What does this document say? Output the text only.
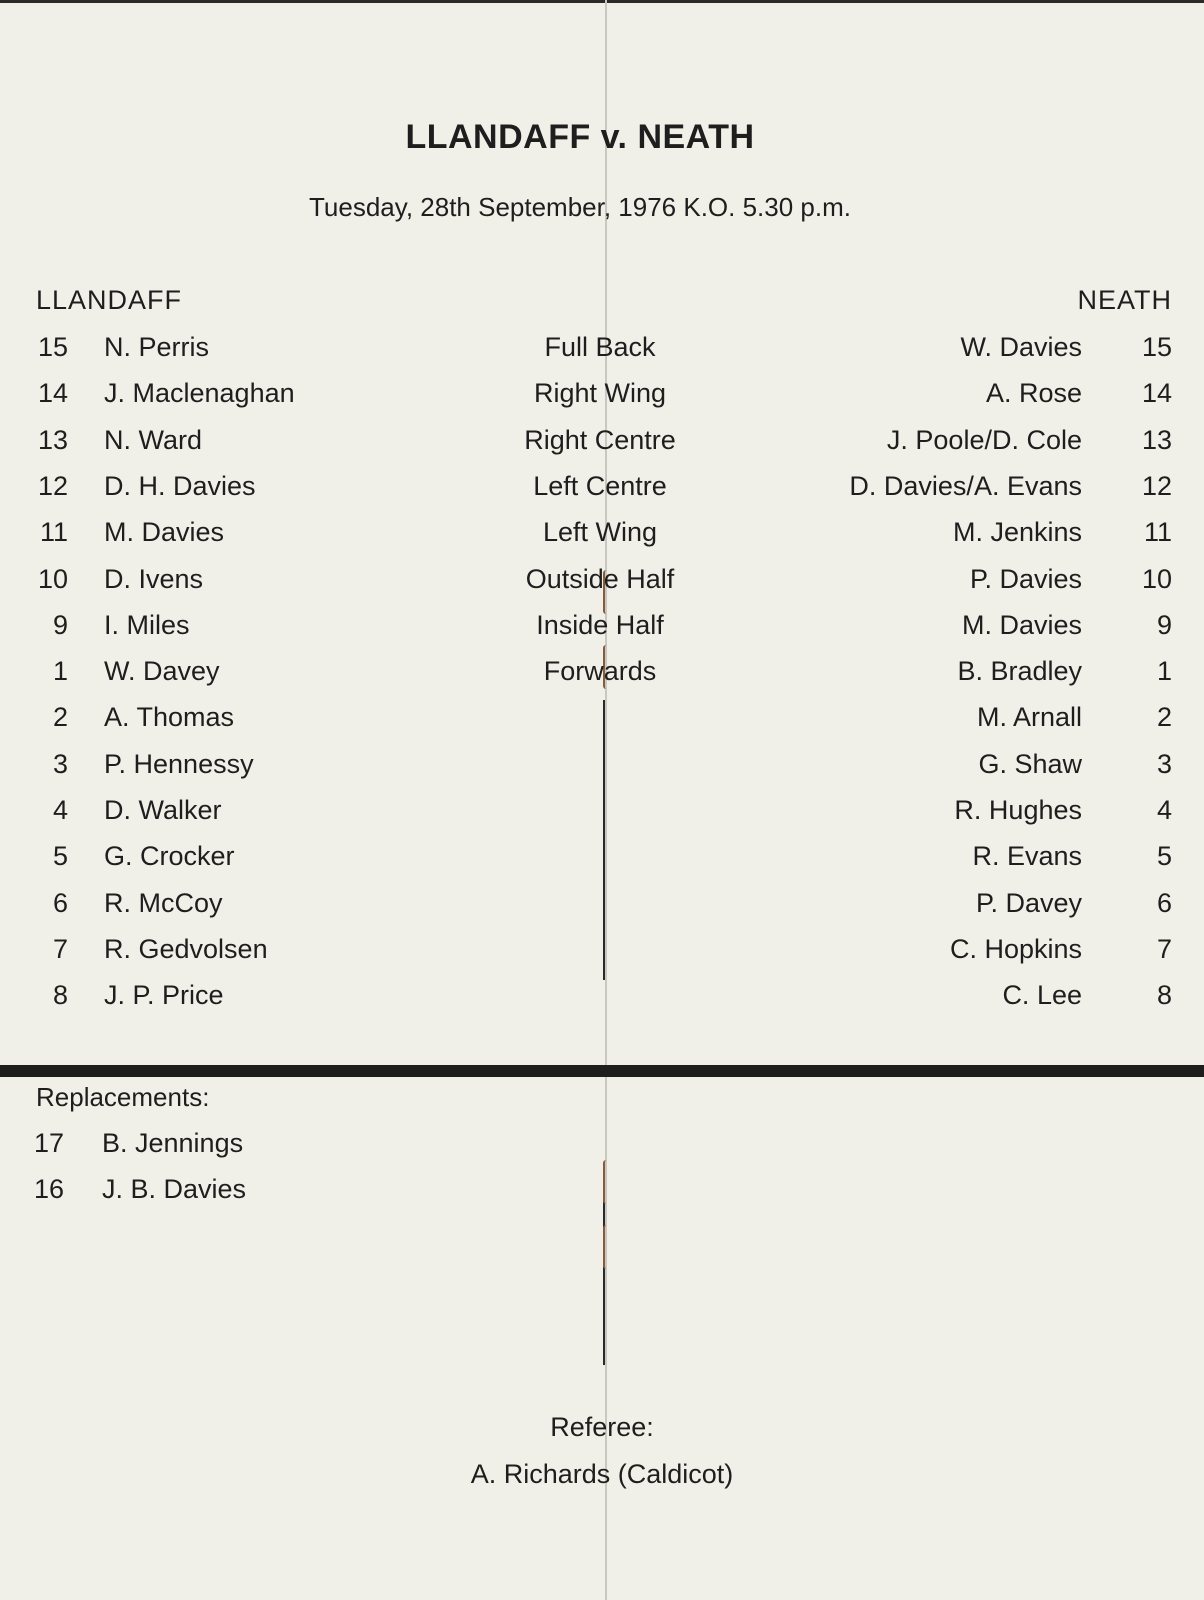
LLANDAFF v. NEATH
Tuesday, 28th September, 1976 K.O. 5.30 p.m.
LLANDAFF	NEATH
15 N. Perris	Full Back	W. Davies	15
14 J. Maclenaghan	Right Wing	A. Rose	14
13 N. Ward	Right Centre	J. Poole/D. Cole	13
12 D. H. Davies	Left Centre	D. Davies/A. Evans	12
11 M. Davies	Left Wing	M. Jenkins	11
10 D. Ivens	Outside Half	P. Davies	10
9 I. Miles	Inside Half	M. Davies	9
1 W. Davey	Forwards	B. Bradley	1
2 A. Thomas	M. Arnall	2
3 P. Hennessy	G. Shaw	3
4 D. Walker	R. Hughes	4
5 G. Crocker	R. Evans	5
6 R. McCoy	P. Davey	6
7 R. Gedvolsen	C. Hopkins	7
8 J. P. Price	C. Lee	8
Replacements:
17 B. Jennings
16 J. B. Davies
Referee:
A. Richards (Caldicot)
